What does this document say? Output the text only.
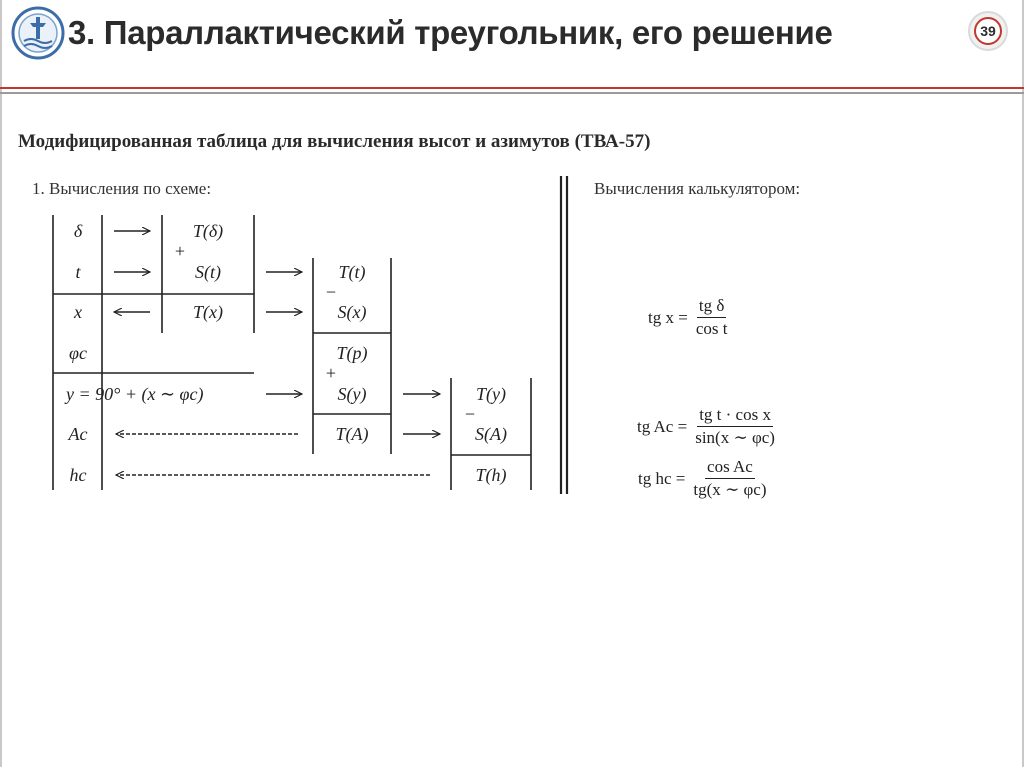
3. Параллактический треугольник, его решение	39
Модифицированная таблица для вычисления высот и азимутов (ТВА-57)
1. Вычисления по схеме:	Вычисления калькулятором:
δ
t
x
φc
y = 90° + (x ∼ φc)
Ac
hc
T(δ)
+
S(t)
T(x)
T(t)
−
S(x)
T(p)
+
S(y)
T(A)
T(y)
−
S(A)
T(h)
tg $x = \frac{\text{tg δ}}{\text{cos t}}$
tg $Ac = \frac{\text{tg t · cos x}}{\sin(x \sim \varphi c)}$
tg hc = $\frac{\text{cos Ac}}{tg(x \sim \varphi c)}$
